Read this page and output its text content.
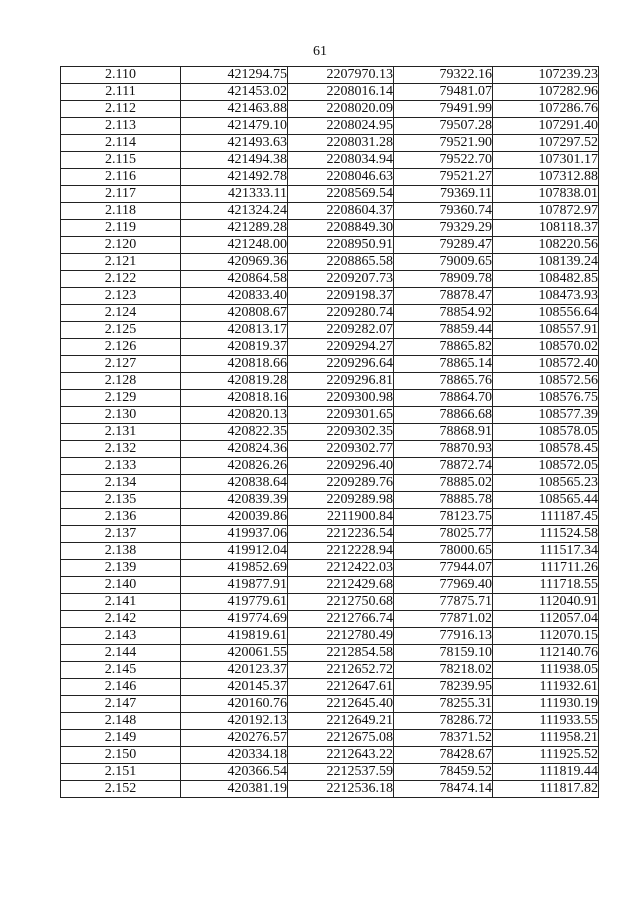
61
2.110	421294.75	2207970.13	79322.16	107239.23
2.111	421453.02	2208016.14	79481.07	107282.96
2.112	421463.88	2208020.09	79491.99	107286.76
2.113	421479.10	2208024.95	79507.28	107291.40
2.114	421493.63	2208031.28	79521.90	107297.52
2.115	421494.38	2208034.94	79522.70	107301.17
2.116	421492.78	2208046.63	79521.27	107312.88
2.117	421333.11	2208569.54	79369.11	107838.01
2.118	421324.24	2208604.37	79360.74	107872.97
2.119	421289.28	2208849.30	79329.29	108118.37
2.120	421248.00	2208950.91	79289.47	108220.56
2.121	420969.36	2208865.58	79009.65	108139.24
2.122	420864.58	2209207.73	78909.78	108482.85
2.123	420833.40	2209198.37	78878.47	108473.93
2.124	420808.67	2209280.74	78854.92	108556.64
2.125	420813.17	2209282.07	78859.44	108557.91
2.126	420819.37	2209294.27	78865.82	108570.02
2.127	420818.66	2209296.64	78865.14	108572.40
2.128	420819.28	2209296.81	78865.76	108572.56
2.129	420818.16	2209300.98	78864.70	108576.75
2.130	420820.13	2209301.65	78866.68	108577.39
2.131	420822.35	2209302.35	78868.91	108578.05
2.132	420824.36	2209302.77	78870.93	108578.45
2.133	420826.26	2209296.40	78872.74	108572.05
2.134	420838.64	2209289.76	78885.02	108565.23
2.135	420839.39	2209289.98	78885.78	108565.44
2.136	420039.86	2211900.84	78123.75	111187.45
2.137	419937.06	2212236.54	78025.77	111524.58
2.138	419912.04	2212228.94	78000.65	111517.34
2.139	419852.69	2212422.03	77944.07	111711.26
2.140	419877.91	2212429.68	77969.40	111718.55
2.141	419779.61	2212750.68	77875.71	112040.91
2.142	419774.69	2212766.74	77871.02	112057.04
2.143	419819.61	2212780.49	77916.13	112070.15
2.144	420061.55	2212854.58	78159.10	112140.76
2.145	420123.37	2212652.72	78218.02	111938.05
2.146	420145.37	2212647.61	78239.95	111932.61
2.147	420160.76	2212645.40	78255.31	111930.19
2.148	420192.13	2212649.21	78286.72	111933.55
2.149	420276.57	2212675.08	78371.52	111958.21
2.150	420334.18	2212643.22	78428.67	111925.52
2.151	420366.54	2212537.59	78459.52	111819.44
2.152	420381.19	2212536.18	78474.14	111817.82
